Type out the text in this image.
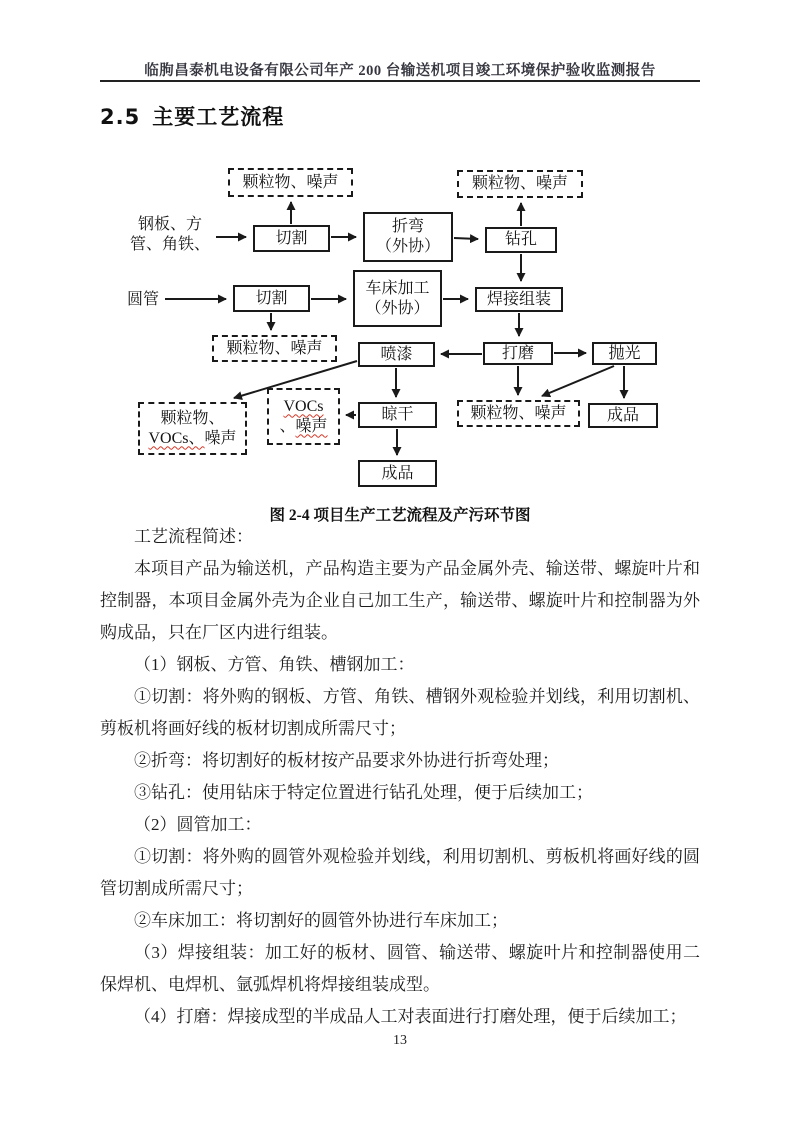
临朐昌泰机电设备有限公司年产 200 台输送机项目竣工环境保护验收监测报告
2.5 主要工艺流程
钢板、方
管、角铁、	切割
折弯
（外协）	钻孔
颗粒物、噪声	颗粒物、噪声
圆管	切割
车床加工
（外协）
焊接组装
颗粒物、噪声	喷漆	打磨	抛光
颗粒物、噪声	成品
颗粒物、
VOCs、噪声
VOCs
、噪声
晾干
成品
图 2-4 项目生产工艺流程及产污环节图

工艺流程简述：

本项目产品为输送机，产品构造主要为产品金属外壳、输送带、螺旋叶片和控制器，本项目金属外壳为企业自己加工生产，输送带、螺旋叶片和控制器为外购成品，只在厂区内进行组装。

（1）钢板、方管、角铁、槽钢加工：

①切割：将外购的钢板、方管、角铁、槽钢外观检验并划线，利用切割机、剪板机将画好线的板材切割成所需尺寸；

②折弯：将切割好的板材按产品要求外协进行折弯处理；

③钻孔：使用钻床于特定位置进行钻孔处理，便于后续加工；

（2）圆管加工：

①切割：将外购的圆管外观检验并划线，利用切割机、剪板机将画好线的圆管切割成所需尺寸；

②车床加工：将切割好的圆管外协进行车床加工；

（3）焊接组装：加工好的板材、圆管、输送带、螺旋叶片和控制器使用二保焊机、电焊机、氩弧焊机将焊接组装成型。

（4）打磨：焊接成型的半成品人工对表面进行打磨处理，便于后续加工；

13
